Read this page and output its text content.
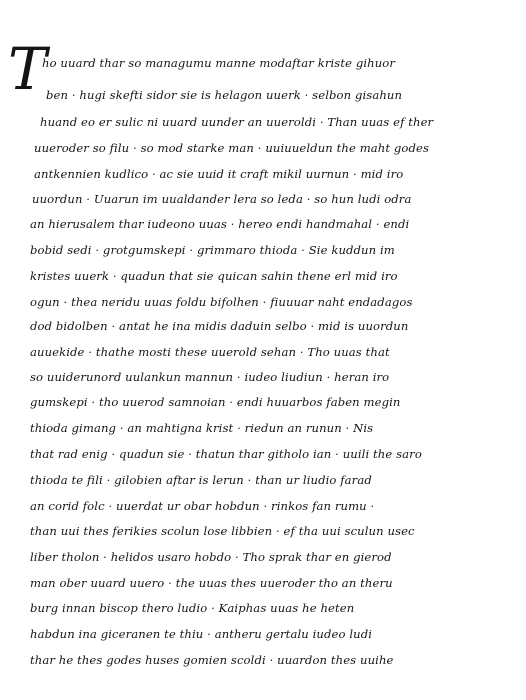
T
ho uuard thar so managumu manne modaftar kriste gihuor
ben · hugi skefti sidor sie is helagon uuerk · selbon gisahun
huand eo er sulic ni uuard uunder an uueroldi · Than uuas ef ther
uueroder so filu · so mod starke man · uuiuueldun the maht godes
antkennien kudlico · ac sie uuid it craft mikil uurnun · mid iro
uuordun · Uuarun im uualdander lera so leda · so hun ludi odra
an hierusalem thar iudeono uuas · hereo endi handmahal · endi
bobid sedi · grotgumskepi · grimmaro thioda · Sie kuddun im
kristes uuerk · quadun that sie quican sahin thene erl mid iro
ogun · thea neridu uuas foldu bifolhen · fiuuuar naht endadagos
dod bidolben · antat he ina midis daduin selbo · mid is uuordun
auuekide · thathe mosti these uuerold sehan · Tho uuas that
so uuiderunord uulankun mannun · iudeo liudiun · heran iro
gumskepi · tho uuerod samnoian · endi huuarbos faben megin
thioda gimang · an mahtigna krist · riedun an runun · Nis
that rad enig · quadun sie · thatun thar githolo ian · uuili the saro
thioda te fili · gilobien aftar is lerun · than ur liudio farad
an corid folc · uuerdat ur obar hobdun · rinkos fan rumu ·
than uui thes ferikies scolun lose libbien · ef tha uui sculun usec
liber tholon · helidos usaro hobdo · Tho sprak thar en gierod
man ober uuard uuero · the uuas thes uueroder tho an theru
burg innan biscop thero ludio · Kaiphas uuas he heten
habdun ina giceranen te thiu · antheru gertalu iudeo ludi
thar he thes godes huses gomien scoldi · uuardon thes uuihe
